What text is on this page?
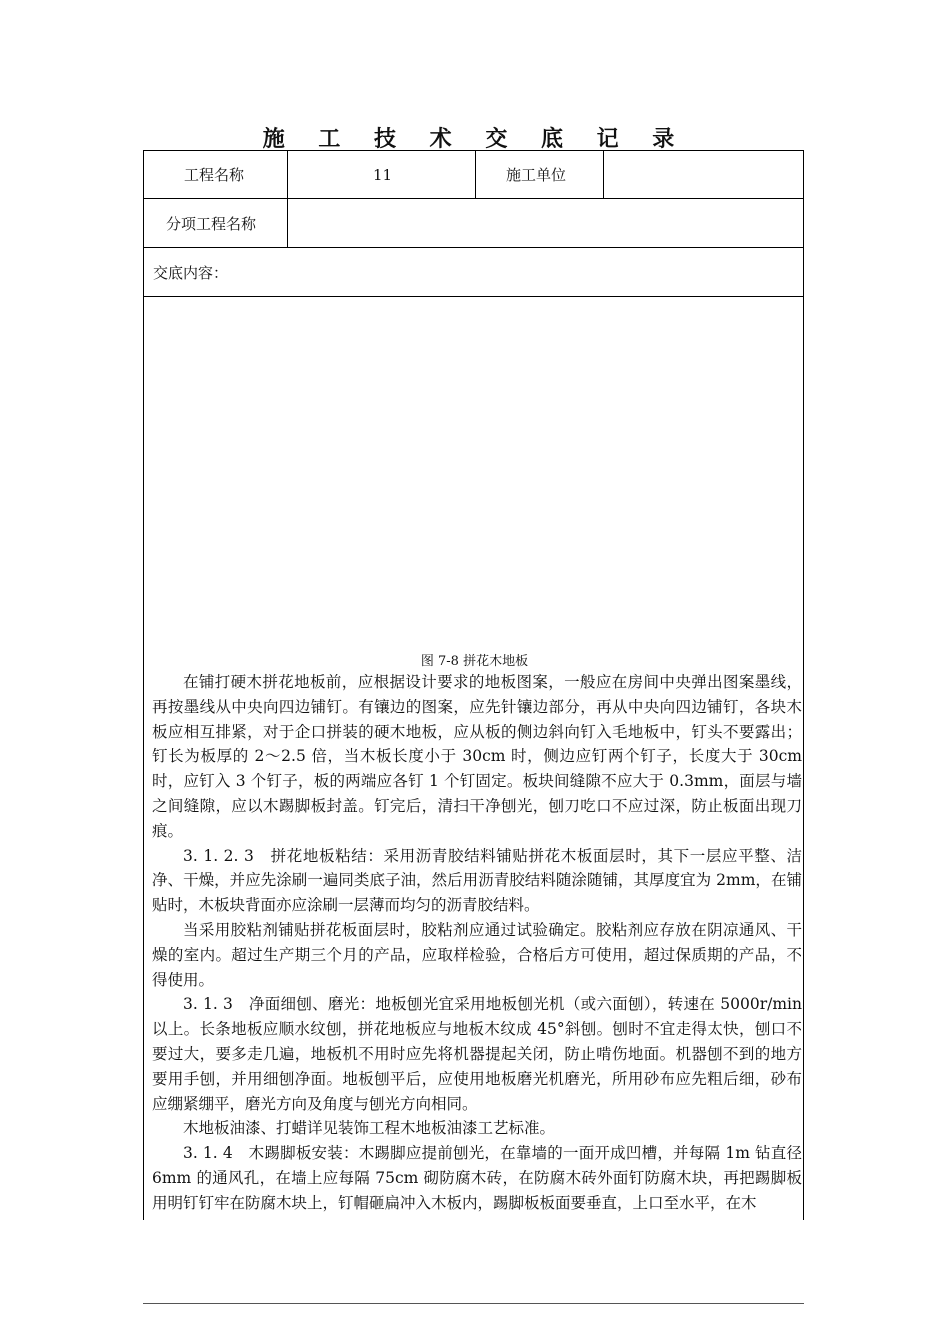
施 工 技 术 交 底 记 录
工程名称	11	施工单位
分项工程名称
交底内容：
图 7-8 拼花木地板

在铺打硬木拼花地板前，应根据设计要求的地板图案，一般应在房间中央弹出图案墨线，再按墨线从中央向四边铺钉。有镶边的图案，应先针镶边部分，再从中央向四边铺钉，各块木板应相互排紧，对于企口拼装的硬木地板，应从板的侧边斜向钉入毛地板中，钉头不要露出；钉长为板厚的 2～2.5 倍，当木板长度小于 30cm 时，侧边应钉两个钉子，长度大于 30cm 时，应钉入 3 个钉子，板的两端应各钉 1 个钉固定。板块间缝隙不应大于 0.3mm，面层与墙之间缝隙，应以木踢脚板封盖。钉完后，清扫干净刨光，刨刀吃口不应过深，防止板面出现刀痕。

3. 1. 2. 3　拼花地板粘结：采用沥青胶结料铺贴拼花木板面层时，其下一层应平整、洁净、干燥，并应先涂刷一遍同类底子油，然后用沥青胶结料随涂随铺，其厚度宜为 2mm，在铺贴时，木板块背面亦应涂刷一层薄而均匀的沥青胶结料。

当采用胶粘剂铺贴拼花板面层时，胶粘剂应通过试验确定。胶粘剂应存放在阴凉通风、干燥的室内。超过生产期三个月的产品，应取样检验，合格后方可使用，超过保质期的产品，不得使用。

3. 1. 3　净面细刨、磨光：地板刨光宜采用地板刨光机（或六面刨），转速在 5000r/min 以上。长条地板应顺水纹刨，拼花地板应与地板木纹成 45°斜刨。刨时不宜走得太快，刨口不要过大，要多走几遍，地板机不用时应先将机器提起关闭，防止啃伤地面。机器刨不到的地方要用手刨，并用细刨净面。地板刨平后，应使用地板磨光机磨光，所用砂布应先粗后细，砂布应绷紧绷平，磨光方向及角度与刨光方向相同。

木地板油漆、打蜡详见装饰工程木地板油漆工艺标准。

3. 1. 4　木踢脚板安装：木踢脚应提前刨光，在靠墙的一面开成凹槽，并每隔 1m 钻直径 6mm 的通风孔，在墙上应每隔 75cm 砌防腐木砖，在防腐木砖外面钉防腐木块，再把踢脚板用明钉钉牢在防腐木块上，钉帽砸扁冲入木板内，踢脚板板面要垂直，上口至水平，在木
